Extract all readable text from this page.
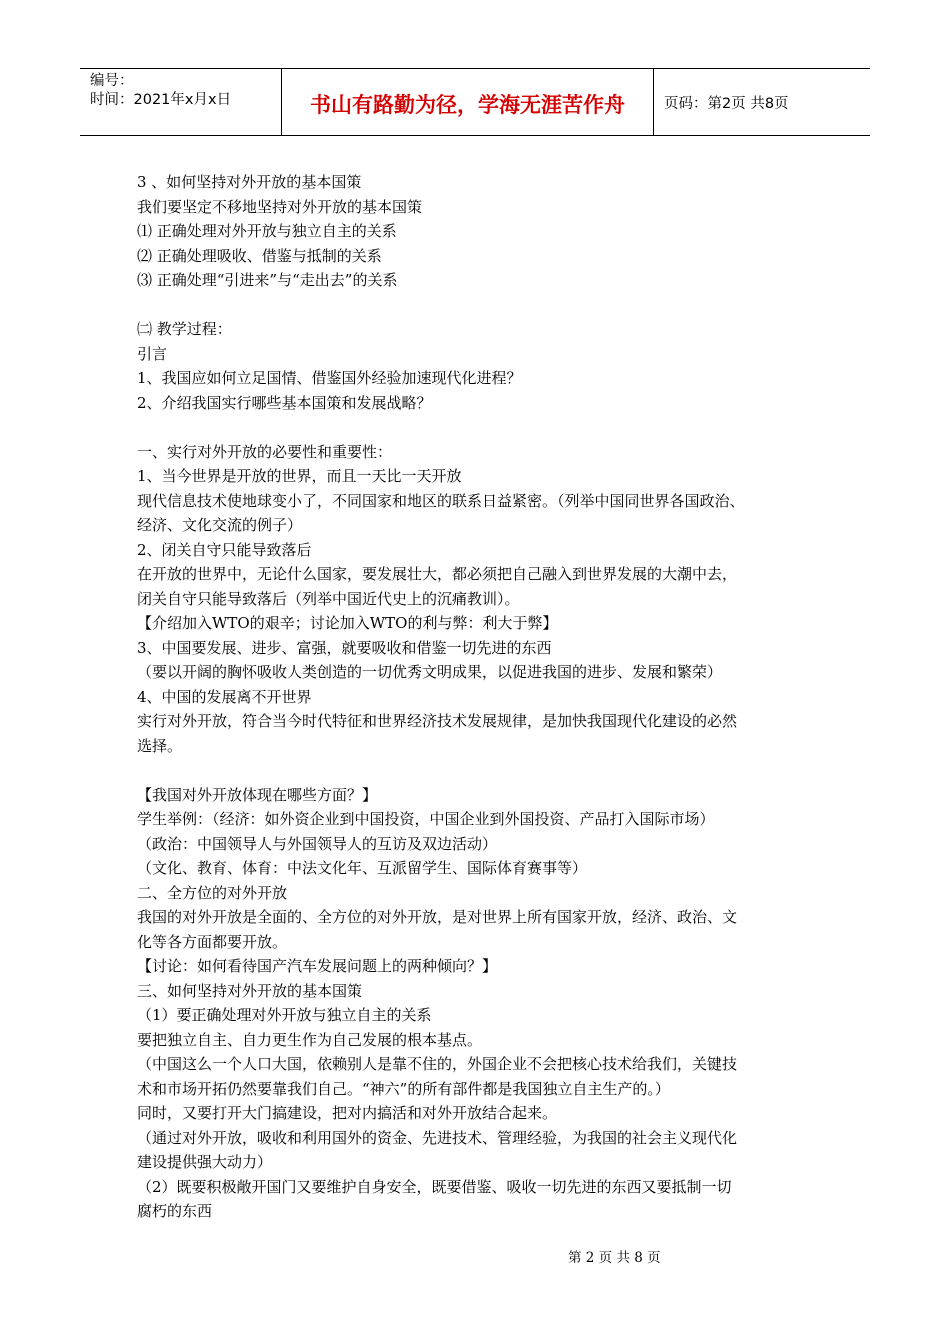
编号：
时间：2021年x月x日	书山有路勤为径，学海无涯苦作舟	页码：第2页 共8页
3 、如何坚持对外开放的基本国策
我们要坚定不移地坚持对外开放的基本国策
⑴ 正确处理对外开放与独立自主的关系
⑵ 正确处理吸收、借鉴与抵制的关系
⑶ 正确处理“引进来”与“走出去”的关系
㈡ 教学过程：
引言
1、我国应如何立足国情、借鉴国外经验加速现代化进程？
2、介绍我国实行哪些基本国策和发展战略？
一、实行对外开放的必要性和重要性：
1、当今世界是开放的世界，而且一天比一天开放
现代信息技术使地球变小了，不同国家和地区的联系日益紧密。（列举中国同世界各国政治、
经济、文化交流的例子）
2、闭关自守只能导致落后
在开放的世界中，无论什么国家，要发展壮大，都必须把自己融入到世界发展的大潮中去，
闭关自守只能导致落后（列举中国近代史上的沉痛教训）。
【介绍加入WTO的艰辛；讨论加入WTO的利与弊：利大于弊】
3、中国要发展、进步、富强，就要吸收和借鉴一切先进的东西
（要以开阔的胸怀吸收人类创造的一切优秀文明成果，以促进我国的进步、发展和繁荣）
4、中国的发展离不开世界
实行对外开放，符合当今时代特征和世界经济技术发展规律，是加快我国现代化建设的必然
选择。
【我国对外开放体现在哪些方面？】
学生举例：（经济：如外资企业到中国投资，中国企业到外国投资、产品打入国际市场）
（政治：中国领导人与外国领导人的互访及双边活动）
（文化、教育、体育：中法文化年、互派留学生、国际体育赛事等）
二、全方位的对外开放
我国的对外开放是全面的、全方位的对外开放，是对世界上所有国家开放，经济、政治、文
化等各方面都要开放。
【讨论：如何看待国产汽车发展问题上的两种倾向？】
三、如何坚持对外开放的基本国策
（1）要正确处理对外开放与独立自主的关系
要把独立自主、自力更生作为自己发展的根本基点。
（中国这么一个人口大国，依赖别人是靠不住的，外国企业不会把核心技术给我们，关键技
术和市场开拓仍然要靠我们自己。“神六”的所有部件都是我国独立自主生产的。）
同时，又要打开大门搞建设，把对内搞活和对外开放结合起来。
（通过对外开放，吸收和利用国外的资金、先进技术、管理经验，为我国的社会主义现代化
建设提供强大动力）
（2）既要积极敞开国门又要维护自身安全，既要借鉴、吸收一切先进的东西又要抵制一切
腐朽的东西
第 2 页 共 8 页
